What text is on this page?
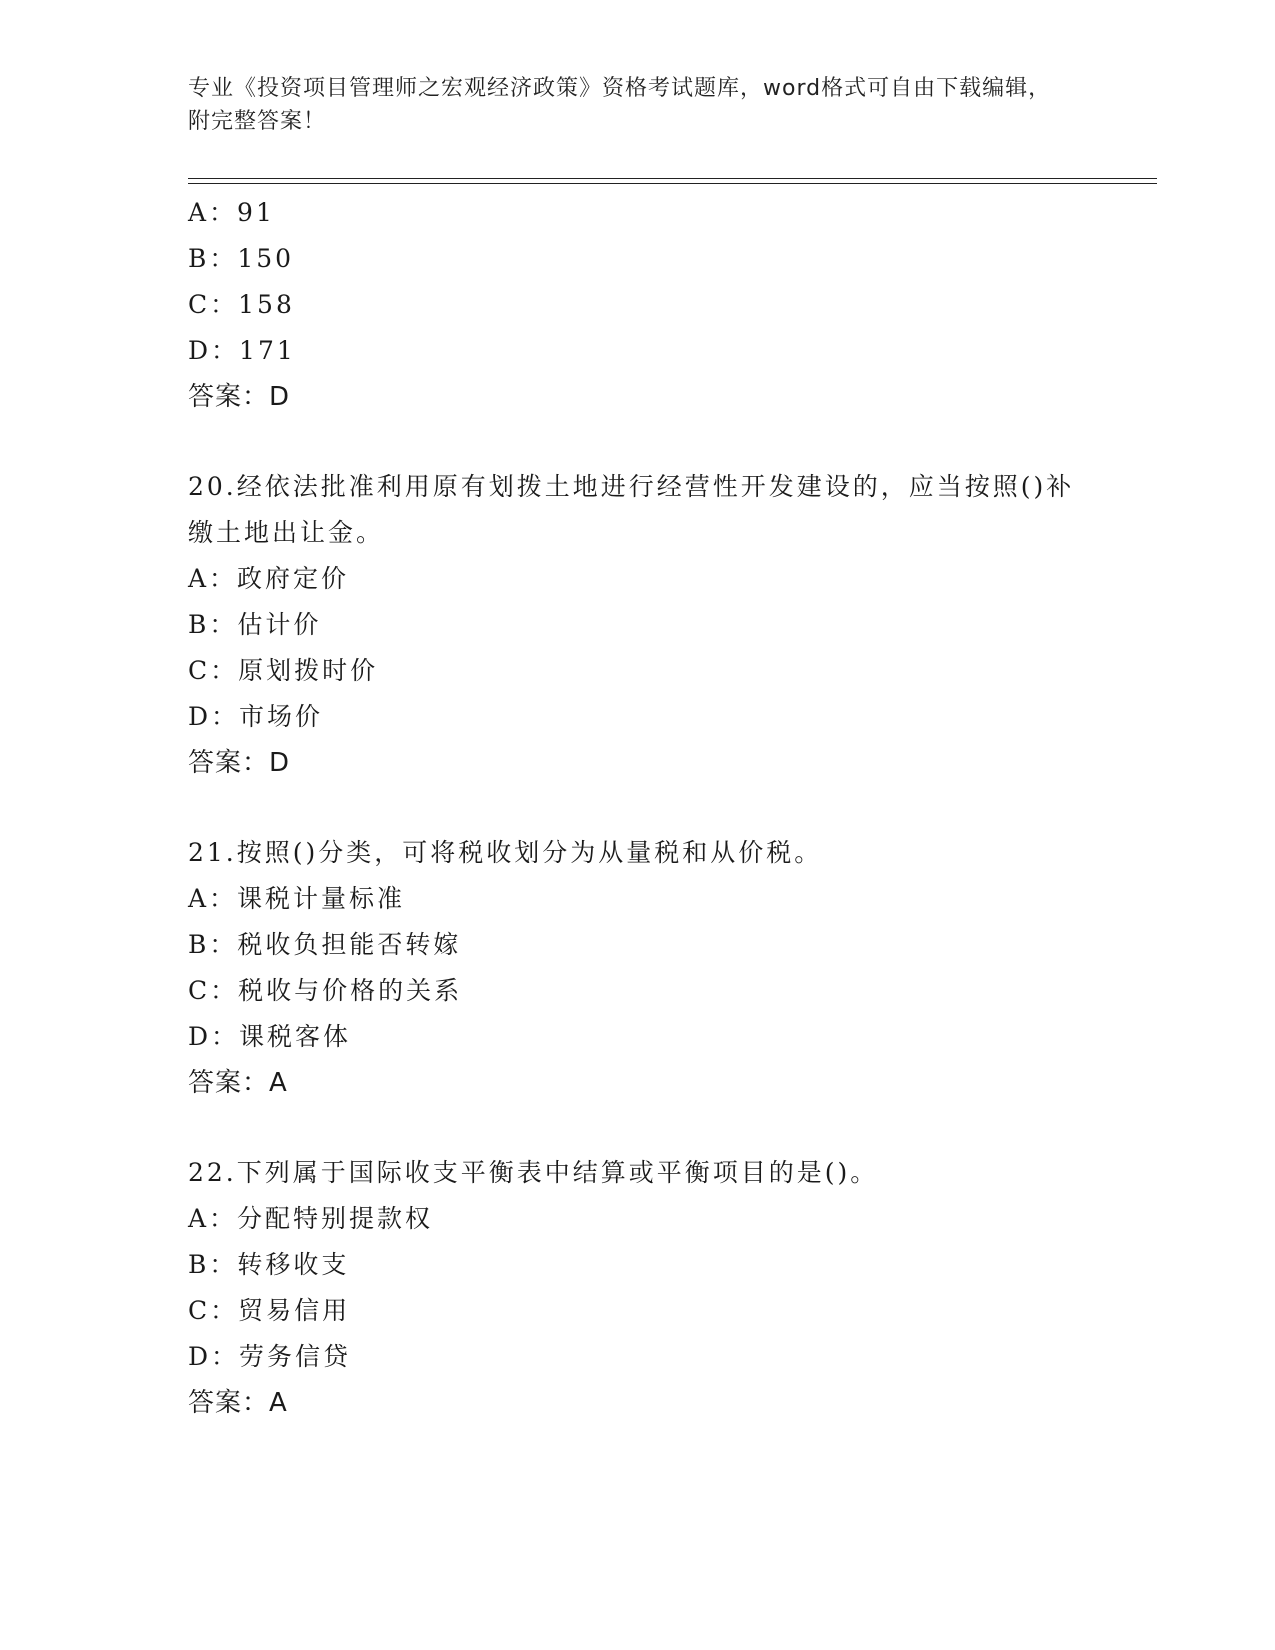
专业《投资项目管理师之宏观经济政策》资格考试题库，word格式可自由下载编辑，附完整答案！
A：91
B：150
C：158
D：171
答案：D
20.经依法批准利用原有划拨土地进行经营性开发建设的，应当按照()补缴土地出让金。
A：政府定价
B：估计价
C：原划拨时价
D：市场价
答案：D
21.按照()分类，可将税收划分为从量税和从价税。
A：课税计量标准
B：税收负担能否转嫁
C：税收与价格的关系
D：课税客体
答案：A
22.下列属于国际收支平衡表中结算或平衡项目的是()。
A：分配特别提款权
B：转移收支
C：贸易信用
D：劳务信贷
答案：A
